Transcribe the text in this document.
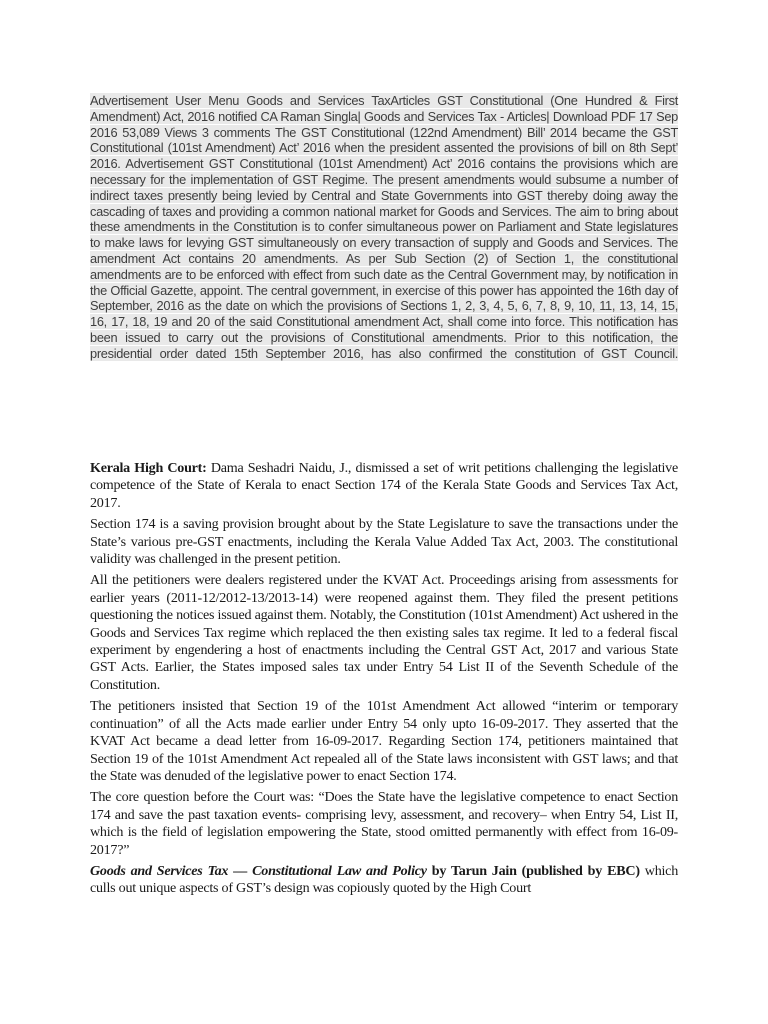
Advertisement User Menu Goods and Services TaxArticles GST Constitutional (One Hundred & First Amendment) Act, 2016 notified CA Raman Singla| Goods and Services Tax - Articles| Download PDF 17 Sep 2016 53,089 Views 3 comments The GST Constitutional (122nd Amendment) Bill’ 2014 became the GST Constitutional (101st Amendment) Act’ 2016 when the president assented the provisions of bill on 8th Sept’ 2016. Advertisement GST Constitutional (101st Amendment) Act’ 2016 contains the provisions which are necessary for the implementation of GST Regime. The present amendments would subsume a number of indirect taxes presently being levied by Central and State Governments into GST thereby doing away the cascading of taxes and providing a common national market for Goods and Services. The aim to bring about these amendments in the Constitution is to confer simultaneous power on Parliament and State legislatures to make laws for levying GST simultaneously on every transaction of supply and Goods and Services. The amendment Act contains 20 amendments. As per Sub Section (2) of Section 1, the constitutional amendments are to be enforced with effect from such date as the Central Government may, by notification in the Official Gazette, appoint. The central government, in exercise of this power has appointed the 16th day of September, 2016 as the date on which the provisions of Sections 1, 2, 3, 4, 5, 6, 7, 8, 9, 10, 11, 13, 14, 15, 16, 17, 18, 19 and 20 of the said Constitutional amendment Act, shall come into force. This notification has been issued to carry out the provisions of Constitutional amendments. Prior to this notification, the presidential order dated 15th September 2016, has also confirmed the constitution of GST Council.

Kerala High Court: Dama Seshadri Naidu, J., dismissed a set of writ petitions challenging the legislative competence of the State of Kerala to enact Section 174 of the Kerala State Goods and Services Tax Act, 2017.

Section 174 is a saving provision brought about by the State Legislature to save the transactions under the State’s various pre-GST enactments, including the Kerala Value Added Tax Act, 2003. The constitutional validity was challenged in the present petition.

All the petitioners were dealers registered under the KVAT Act. Proceedings arising from assessments for earlier years (2011-12/2012-13/2013-14) were reopened against them. They filed the present petitions questioning the notices issued against them. Notably, the Constitution (101st Amendment) Act ushered in the Goods and Services Tax regime which replaced the then existing sales tax regime. It led to a federal fiscal experiment by engendering a host of enactments including the Central GST Act, 2017 and various State GST Acts. Earlier, the States imposed sales tax under Entry 54 List II of the Seventh Schedule of the Constitution.

The petitioners insisted that Section 19 of the 101st Amendment Act allowed “interim or temporary continuation” of all the Acts made earlier under Entry 54 only upto 16-09-2017. They asserted that the KVAT Act became a dead letter from 16-09-2017. Regarding Section 174, petitioners maintained that Section 19 of the 101st Amendment Act repealed all of the State laws inconsistent with GST laws; and that the State was denuded of the legislative power to enact Section 174.

The core question before the Court was: “Does the State have the legislative competence to enact Section 174 and save the past taxation events- comprising levy, assessment, and recovery– when Entry 54, List II, which is the field of legislation empowering the State, stood omitted permanently with effect from 16-09-2017?”

Goods and Services Tax — Constitutional Law and Policy by Tarun Jain (published by EBC) which culls out unique aspects of GST’s design was copiously quoted by the High Court
